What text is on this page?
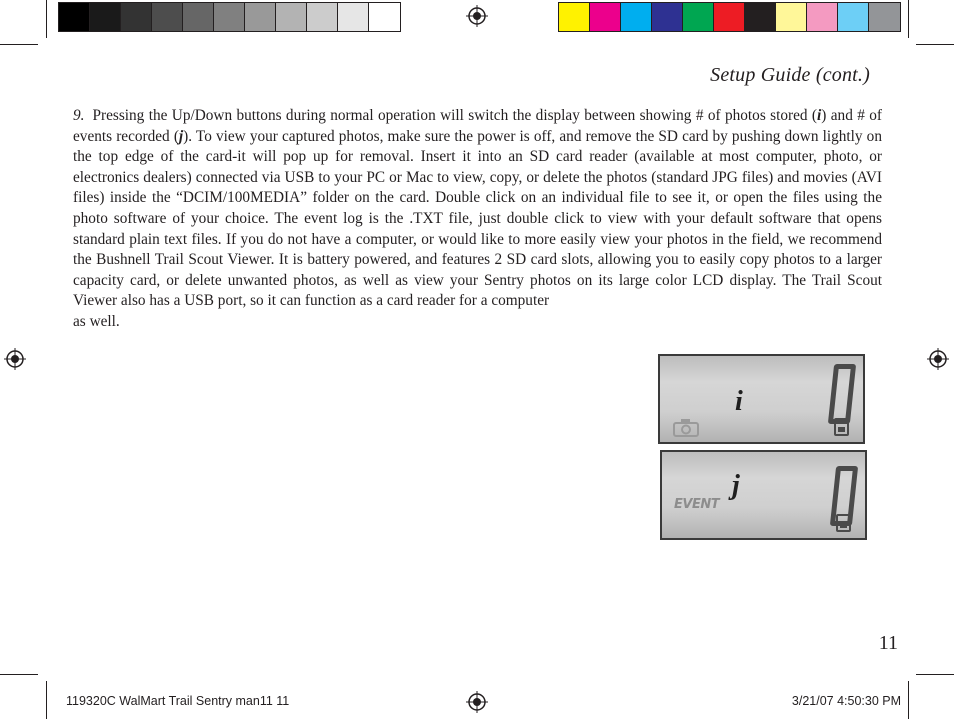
Setup Guide (cont.)
9. Pressing the Up/Down buttons during normal operation will switch the display between showing # of photos stored (i) and # of events recorded (j). To view your captured photos, make sure the power is off, and remove the SD card by pushing down lightly on the top edge of the card-it will pop up for removal. Insert it into an SD card reader (available at most computer, photo, or electronics dealers) connected via USB to your PC or Mac to view, copy, or delete the photos (standard JPG files) and movies (AVI files) inside the “DCIM/100MEDIA” folder on the card. Double click on an individual file to see it, or open the files using the photo software of your choice. The event log is the .TXT file, just double click to view with your default software that opens standard plain text files. If you do not have a computer, or would like to more easily view your photos in the field, we recommend the Bushnell Trail Scout Viewer. It is battery powered, and features 2 SD card slots, allowing you to easily copy photos to a larger capacity card, or delete unwanted photos, as well as view your Sentry photos on its large color LCD display. The Trail Scout Viewer also has a USB port, so it can function as a card reader for a computer
as well.
i
j
EVENT
11
119320C WalMart Trail Sentry man11 11	3/21/07 4:50:30 PM
